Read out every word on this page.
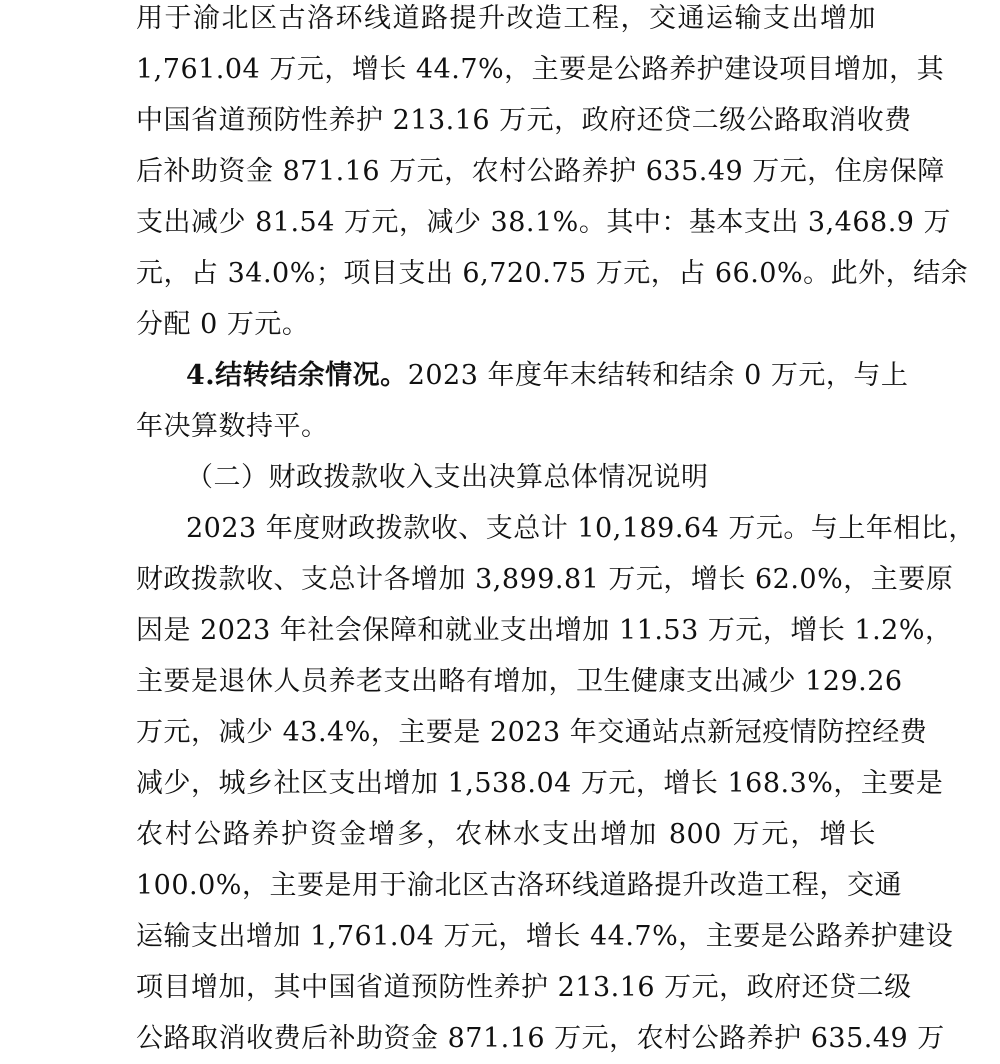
用于渝北区古洛环线道路提升改造工程，交通运输支出增加
1,761.04 万元，增长 44.7%，主要是公路养护建设项目增加，其
中国省道预防性养护 213.16 万元，政府还贷二级公路取消收费
后补助资金 871.16 万元，农村公路养护 635.49 万元，住房保障
支出减少 81.54 万元，减少 38.1%。其中：基本支出 3,468.9 万
元，占 34.0%；项目支出 6,720.75 万元，占 66.0%。此外，结余
分配 0 万元。
4.结转结余情况。2023 年度年末结转和结余 0 万元，与上
年决算数持平。
（二）财政拨款收入支出决算总体情况说明
2023 年度财政拨款收、支总计 10,189.64 万元。与上年相比，
财政拨款收、支总计各增加 3,899.81 万元，增长 62.0%，主要原
因是 2023 年社会保障和就业支出增加 11.53 万元，增长 1.2%，
主要是退休人员养老支出略有增加，卫生健康支出减少 129.26
万元，减少 43.4%，主要是 2023 年交通站点新冠疫情防控经费
减少，城乡社区支出增加 1,538.04 万元，增长 168.3%，主要是
农村公路养护资金增多，农林水支出增加 800 万元，增长
100.0%，主要是用于渝北区古洛环线道路提升改造工程，交通
运输支出增加 1,761.04 万元，增长 44.7%，主要是公路养护建设
项目增加，其中国省道预防性养护 213.16 万元，政府还贷二级
公路取消收费后补助资金 871.16 万元，农村公路养护 635.49 万
